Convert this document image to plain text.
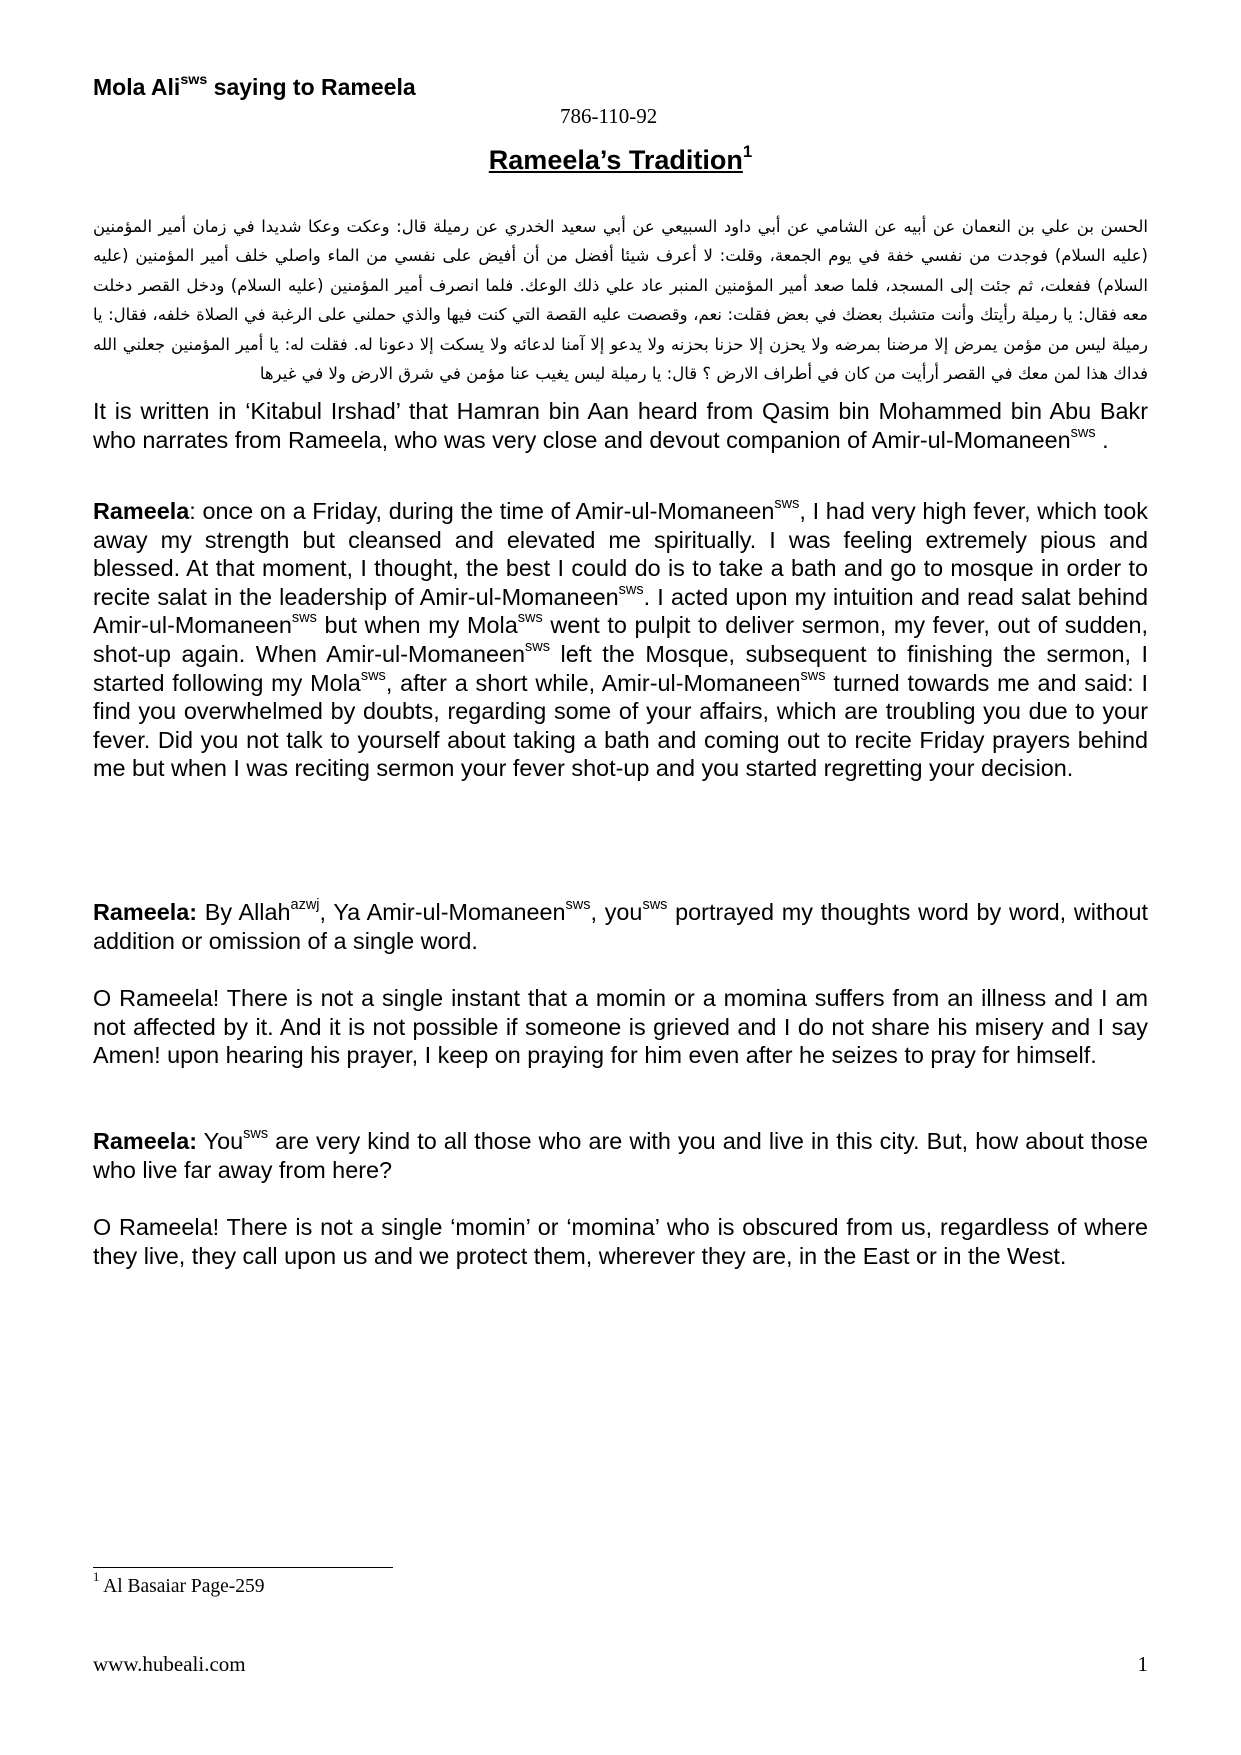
Mola Ali$^{sws}$ saying to Rameela
786-110-92
Rameela’s Tradition$^1$
الحسن بن علي بن النعمان عن أبيه عن الشامي عن أبي داود السبيعي عن أبي سعيد الخدري عن رميلة قال: وعكت وعكا شديدا في زمان أمير المؤمنين (عليه السلام) فوجدت من نفسي خفة في يوم الجمعة، وقلت: لا أعرف شيئا أفضل من أن أفيض على نفسي من الماء واصلي خلف أمير المؤمنين (عليه السلام) ففعلت، ثم جئت إلى المسجد، فلما صعد أمير المؤمنين المنبر عاد علي ذلك الوعك. فلما انصرف أمير المؤمنين (عليه السلام) ودخل القصر دخلت معه فقال: يا رميلة رأيتك وأنت متشبك بعضك في بعض فقلت: نعم، وقصصت عليه القصة التي كنت فيها والذي حملني على الرغبة في الصلاة خلفه، فقال: يا رميلة ليس من مؤمن يمرض إلا مرضنا بمرضه ولا يحزن إلا حزنا بحزنه ولا يدعو إلا آمنا لدعائه ولا يسكت إلا دعونا له. فقلت له: يا أمير المؤمنين جعلني الله فداك هذا لمن معك في القصر أرأيت من كان في أطراف الارض ؟ قال: يا رميلة ليس يغيب عنا مؤمن في شرق الارض ولا في غيرها
It is written in ‘Kitabul Irshad’ that Hamran bin Aan heard from Qasim bin Mohammed bin Abu Bakr who narrates from Rameela, who was very close and devout companion of Amir-ul-Momaneen$^{sws}$ .
Rameela: once on a Friday, during the time of Amir-ul-Momaneen$^{sws}$, I had very high fever, which took away my strength but cleansed and elevated me spiritually. I was feeling extremely pious and blessed. At that moment, I thought, the best I could do is to take a bath and go to mosque in order to recite salat in the leadership of Amir-ul-Momaneen$^{sws}$. I acted upon my intuition and read salat behind Amir-ul-Momaneen$^{sws}$ but when my Mola$^{sws}$ went to pulpit to deliver sermon, my fever, out of sudden, shot-up again. When Amir-ul-Momaneen$^{sws}$ left the Mosque, subsequent to finishing the sermon, I started following my Mola$^{sws}$, after a short while, Amir-ul-Momaneen$^{sws}$ turned towards me and said: I find you overwhelmed by doubts, regarding some of your affairs, which are troubling you due to your fever. Did you not talk to yourself about taking a bath and coming out to recite Friday prayers behind me but when I was reciting sermon your fever shot-up and you started regretting your decision.
Rameela: By Allah$^{azwj}$, Ya Amir-ul-Momaneen$^{sws}$, you$^{sws}$ portrayed my thoughts word by word, without addition or omission of a single word.
O Rameela! There is not a single instant that a momin or a momina suffers from an illness and I am not affected by it. And it is not possible if someone is grieved and I do not share his misery and I say Amen! upon hearing his prayer, I keep on praying for him even after he seizes to pray for himself.
Rameela: You$^{sws}$ are very kind to all those who are with you and live in this city. But, how about those who live far away from here?
O Rameela! There is not a single ‘momin’ or ‘momina’ who is obscured from us, regardless of where they live, they call upon us and we protect them, wherever they are, in the East or in the West.
$^1$ Al Basaiar Page-259
www.hubeali.com	1
